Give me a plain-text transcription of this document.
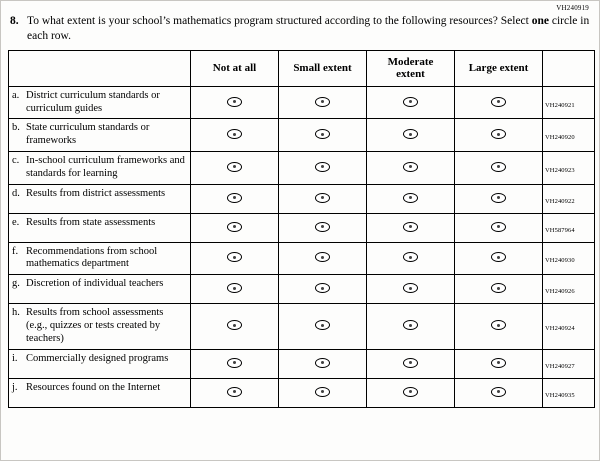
VH240919
8. To what extent is your school’s mathematics program structured according to the following resources? Select one circle in each row.
	Not at all	Small extent	Moderate extent	Large extent	

a. District curriculum standards or curriculum guides					VH240921

b. State curriculum standards or frameworks					VH240920

c. In-school curriculum frameworks and standards for learning					VH240923

d. Results from district assessments					VH240922

e. Results from state assessments					VH587964

f. Recommendations from school mathematics department					VH240930

g. Discretion of individual teachers					VH240926

h. Results from school assessments (e.g., quizzes or tests created by teachers)					VH240924

i. Commercially designed programs					VH240927

j. Resources found on the Internet					VH240935
